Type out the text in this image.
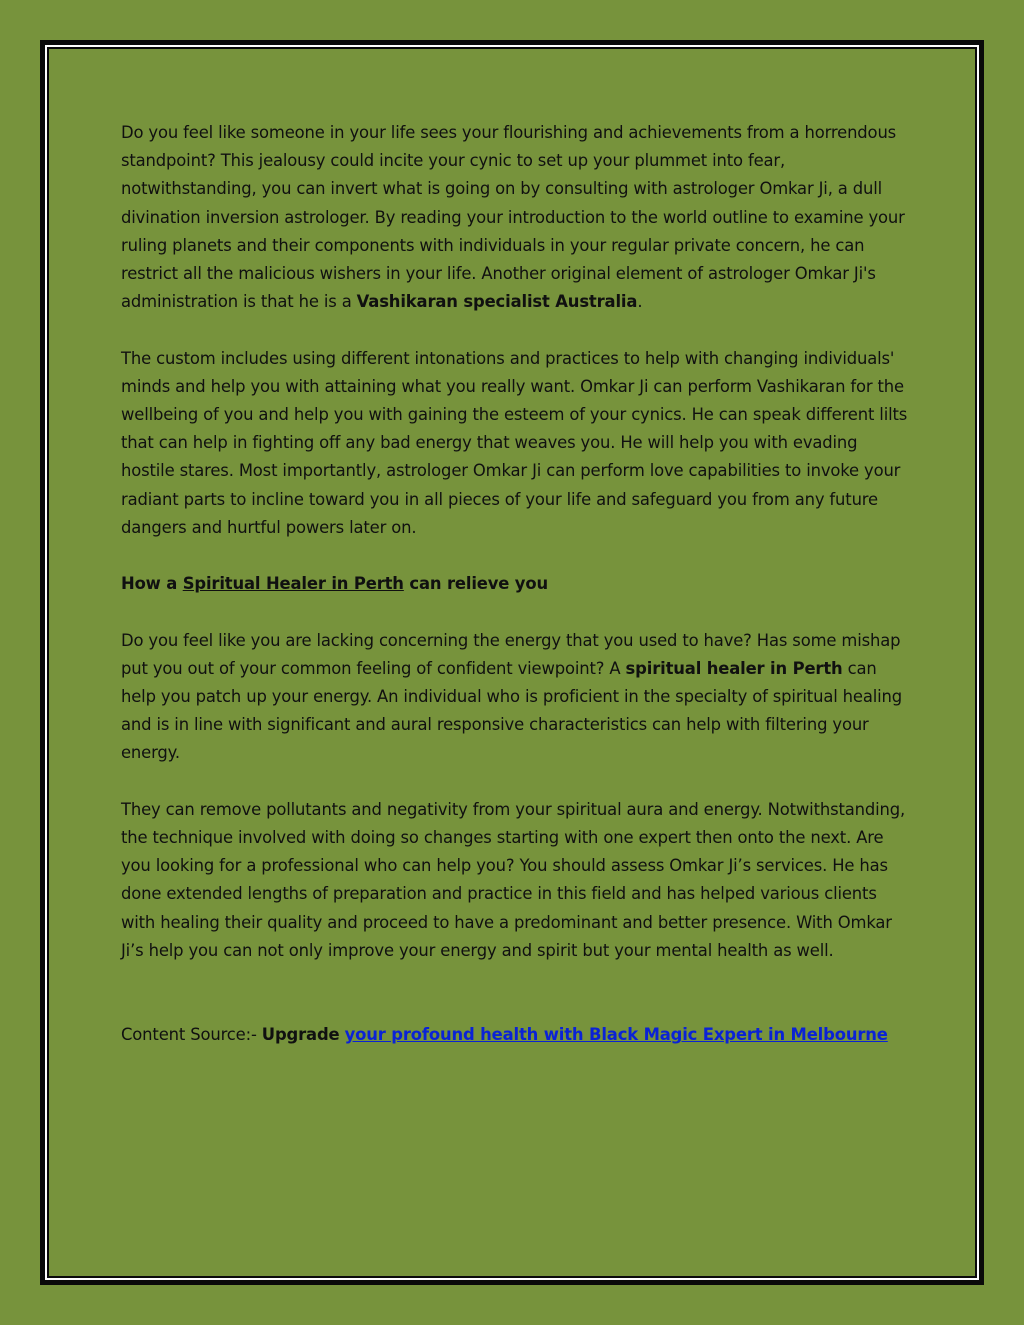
Do you feel like someone in your life sees your flourishing and achievements from a horrendous standpoint? This jealousy could incite your cynic to set up your plummet into fear, notwithstanding, you can invert what is going on by consulting with astrologer Omkar Ji, a dull divination inversion astrologer. By reading your introduction to the world outline to examine your ruling planets and their components with individuals in your regular private concern, he can restrict all the malicious wishers in your life. Another original element of astrologer Omkar Ji's administration is that he is a Vashikaran specialist Australia.

The custom includes using different intonations and practices to help with changing individuals' minds and help you with attaining what you really want. Omkar Ji can perform Vashikaran for the wellbeing of you and help you with gaining the esteem of your cynics. He can speak different lilts that can help in fighting off any bad energy that weaves you. He will help you with evading hostile stares. Most importantly, astrologer Omkar Ji can perform love capabilities to invoke your radiant parts to incline toward you in all pieces of your life and safeguard you from any future dangers and hurtful powers later on.

How a Spiritual Healer in Perth can relieve you

Do you feel like you are lacking concerning the energy that you used to have? Has some mishap put you out of your common feeling of confident viewpoint? A spiritual healer in Perth can help you patch up your energy. An individual who is proficient in the specialty of spiritual healing and is in line with significant and aural responsive characteristics can help with filtering your energy.

They can remove pollutants and negativity from your spiritual aura and energy. Notwithstanding, the technique involved with doing so changes starting with one expert then onto the next. Are you looking for a professional who can help you? You should assess Omkar Ji’s services. He has done extended lengths of preparation and practice in this field and has helped various clients with healing their quality and proceed to have a predominant and better presence. With Omkar Ji’s help you can not only improve your energy and spirit but your mental health as well.

Content Source:- Upgrade your profound health with Black Magic Expert in Melbourne
